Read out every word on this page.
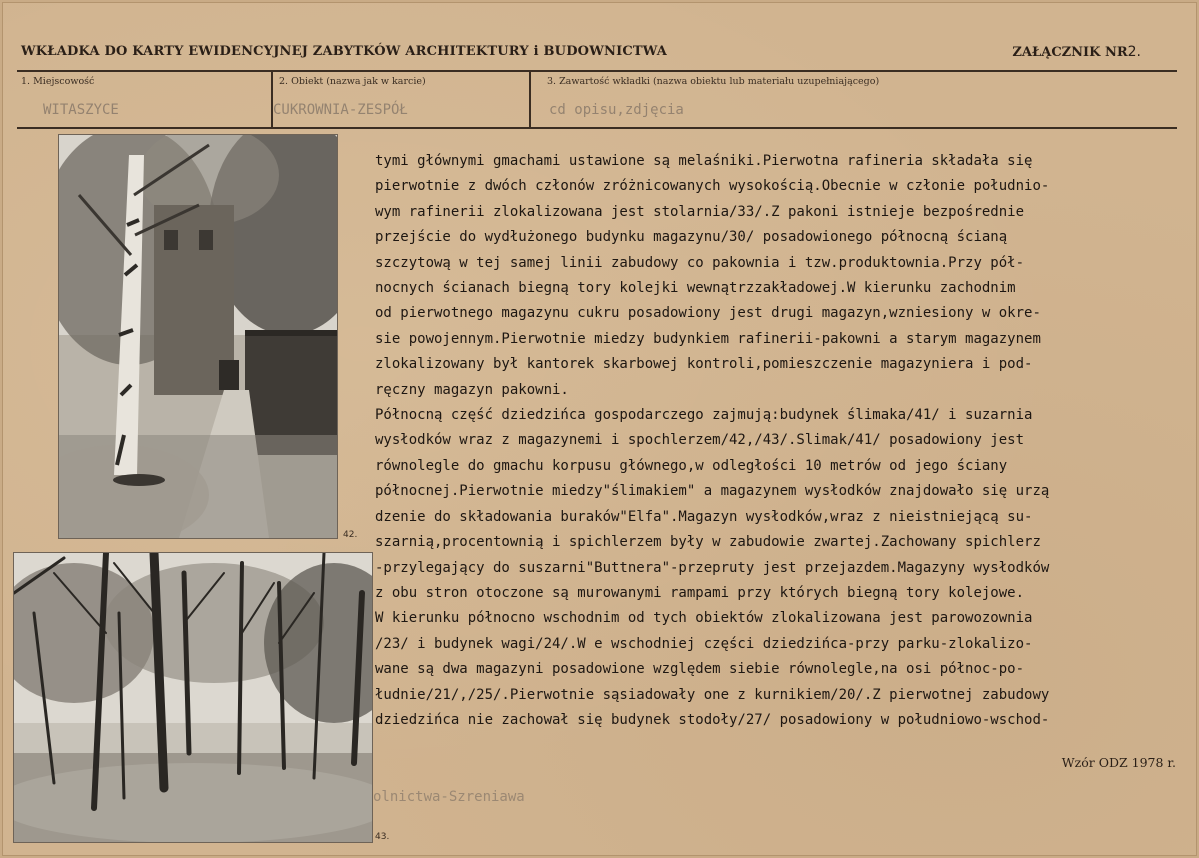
WKŁADKA DO KARTY EWIDENCYJNEJ ZABYTKÓW ARCHITEKTURY i BUDOWNICTWA	ZAŁĄCZNIK NR2.
1. Miejscowość
WITASZYCE
2. Obiekt (nazwa jak w karcie)
CUKROWNIA-ZESPÓŁ
3. Zawartość wkładki (nazwa obiektu lub materiału uzupełniającego)
cd opisu,zdjęcia
42.
43.
tymi głównymi gmachami ustawione są melaśniki.Pierwotna rafineria składała się
pierwotnie z dwóch członów zróżnicowanych wysokością.Obecnie w członie południo-
wym rafinerii zlokalizowana jest stolarnia/33/.Z pakoni istnieje bezpośrednie
przejście do wydłużonego budynku magazynu/30/ posadowionego północną ścianą
szczytową w tej samej linii zabudowy co pakownia i tzw.produktownia.Przy pół-
nocnych ścianach biegną tory kolejki wewnątrzzakładowej.W kierunku zachodnim
od pierwotnego magazynu cukru posadowiony jest drugi magazyn,wzniesiony w okre-
sie powojennym.Pierwotnie miedzy budynkiem rafinerii-pakowni a starym magazynem
zlokalizowany był kantorek skarbowej kontroli,pomieszczenie magazyniera i pod-
ręczny magazyn pakowni.
Północną część dziedzińca gospodarczego zajmują:budynek ślimaka/41/ i suzarnia
wysłodków wraz z magazynemi i spochlerzem/42,/43/.Slimak/41/ posadowiony jest
równolegle do gmachu korpusu głównego,w odległości 10 metrów od jego ściany
północnej.Pierwotnie miedzy"ślimakiem" a magazynem wysłodków znajdowało się urzą
dzenie do składowania buraków"Elfa".Magazyn wysłodków,wraz z nieistniejącą su-
szarnią,procentownią i spichlerzem były w zabudowie zwartej.Zachowany spichlerz
-przylegający do suszarni"Buttnera"-przepruty jest przejazdem.Magazyny wysłodków
z obu stron otoczone są murowanymi rampami przy których biegną tory kolejowe.
W kierunku północno wschodnim od tych obiektów zlokalizowana jest parowozownia
/23/ i budynek wagi/24/.W e wschodniej części dziedzińca-przy parku-zlokalizo-
wane są dwa magazyni posadowione względem siebie równolegle,na osi północ-po-
łudnie/21/,/25/.Pierwotnie sąsiadowały one z kurnikiem/20/.Z pierwotnej zabudowy
dziedzińca nie zachował się budynek stodoły/27/ posadowiony w południowo-wschod-
Wzór ODZ 1978 r.
olnictwa-Szreniawa
